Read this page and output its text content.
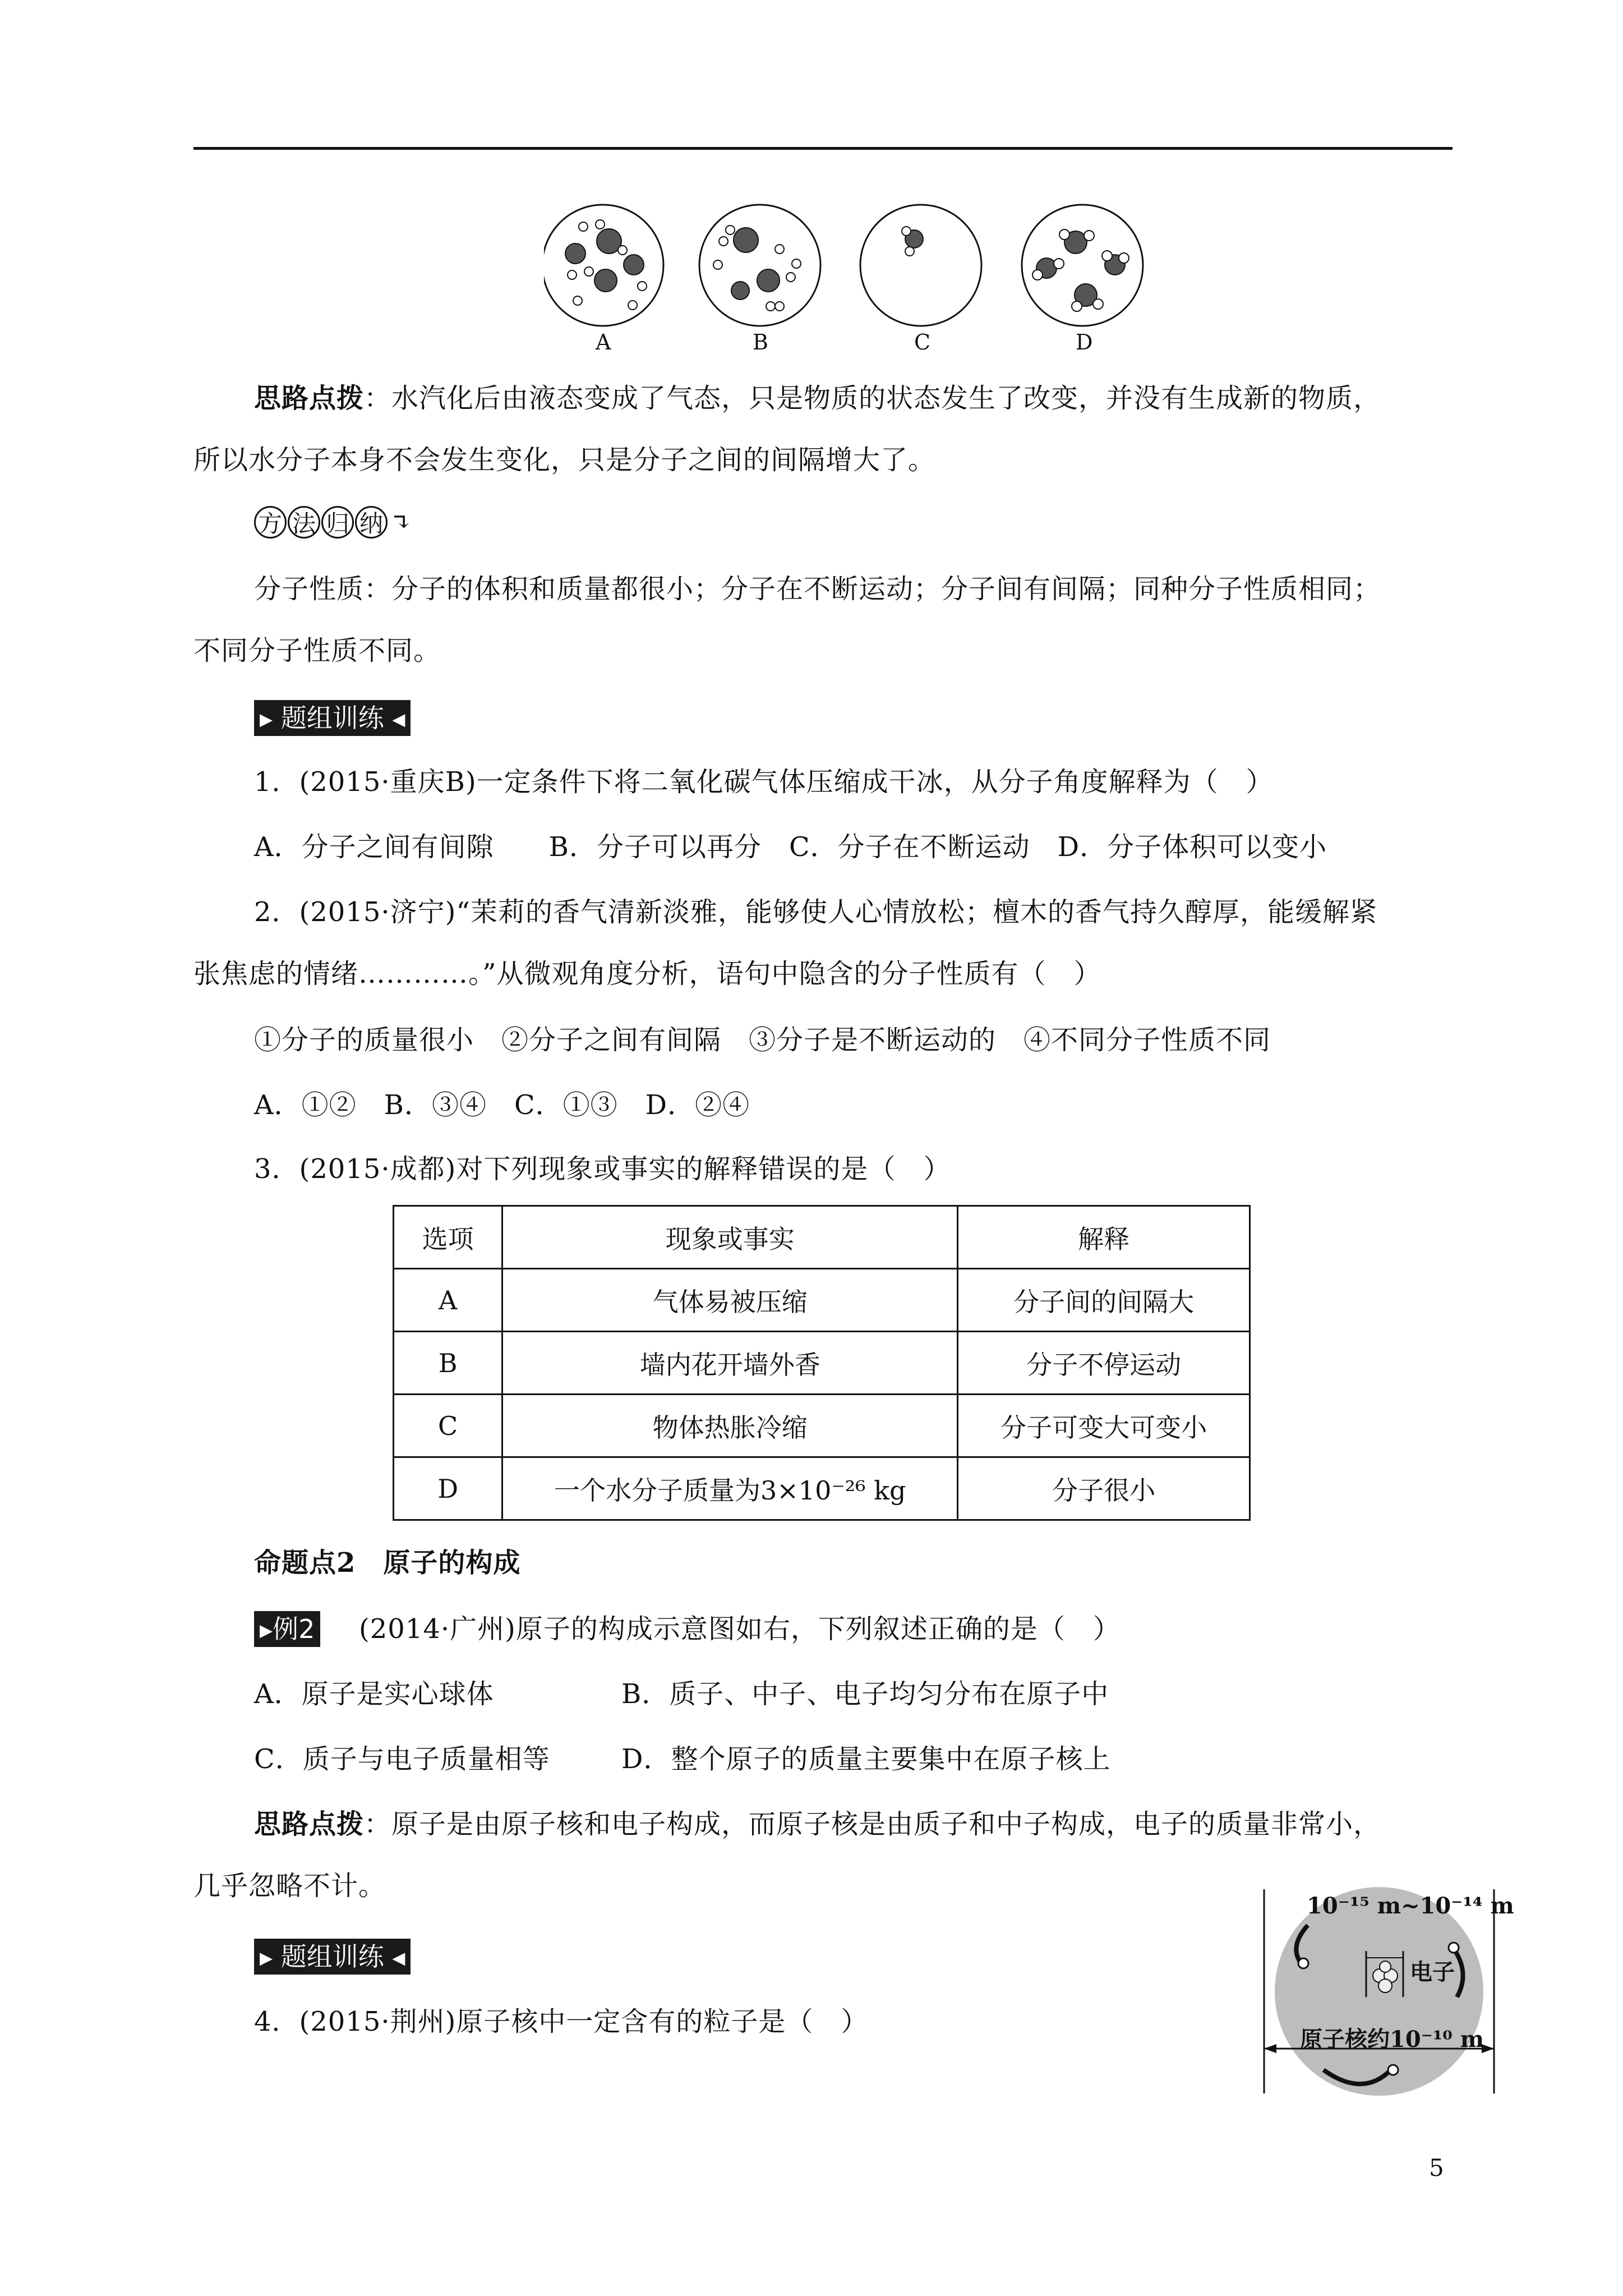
A	B	C	D
思路点拨：水汽化后由液态变成了气态，只是物质的状态发生了改变，并没有生成新的物质，
所以水分子本身不会发生变化，只是分子之间的间隔增大了。
方 法 归 纳 ↴
分子性质：分子的体积和质量都很小；分子在不断运动；分子间有间隔；同种分子性质相同；
不同分子性质不同。
▶ 题组训练 ◀
1．(2015·重庆B)一定条件下将二氧化碳气体压缩成干冰，从分子角度解释为（　）
A．分子之间有间隙　　B．分子可以再分　C．分子在不断运动　D．分子体积可以变小
2．(2015·济宁)“茉莉的香气清新淡雅，能够使人心情放松；檀木的香气持久醇厚，能缓解紧
张焦虑的情绪…………。”从微观角度分析，语句中隐含的分子性质有（　）
①分子的质量很小　②分子之间有间隔　③分子是不断运动的　④不同分子性质不同
A．①②　B．③④　C．①③　D．②④
3．(2015·成都)对下列现象或事实的解释错误的是（　）
选项	现象或事实	解释
A	气体易被压缩	分子间的间隔大
B	墙内花开墙外香	分子不停运动
C	物体热胀冷缩	分子可变大可变小
D	一个水分子质量为3×10⁻²⁶ kg	分子很小
命题点2　原子的构成
▶例2 (2014·广州)原子的构成示意图如右，下列叙述正确的是（　）
A．原子是实心球体	B．质子、中子、电子均匀分布在原子中
C．质子与电子质量相等	D．整个原子的质量主要集中在原子核上
思路点拨：原子是由原子核和电子构成，而原子核是由质子和中子构成，电子的质量非常小，
几乎忽略不计。
▶ 题组训练 ◀
4．(2015·荆州)原子核中一定含有的粒子是（　）
10⁻¹⁵ m~10⁻¹⁴ m
电子
原子核约10⁻¹⁰ m
5
